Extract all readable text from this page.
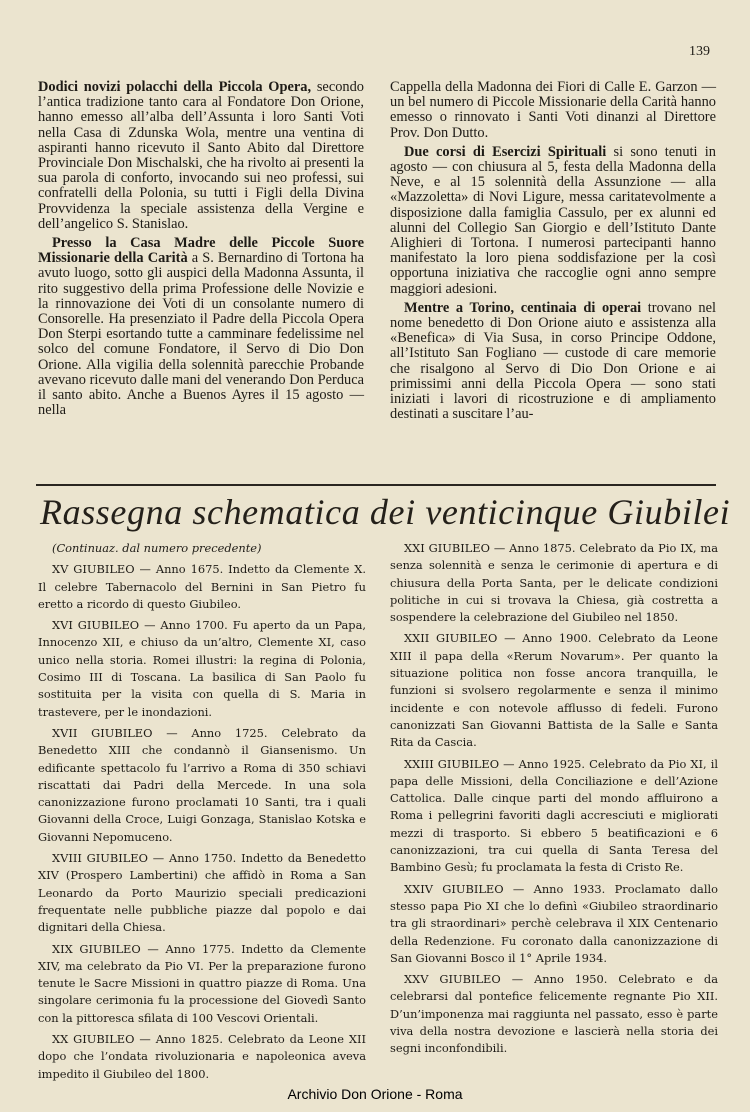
139

Dodici novizi polacchi della Piccola Opera, secondo l’antica tradizione tanto cara al Fondatore Don Orione, hanno emesso all’alba dell’Assunta i loro Santi Voti nella Casa di Zdunska Wola, mentre una ventina di aspiranti hanno ricevuto il Santo Abito dal Direttore Provinciale Don Mischalski, che ha rivolto ai presenti la sua parola di conforto, invocando sui neo professi, sui confratelli della Polonia, su tutti i Figli della Divina Provvidenza la speciale assistenza della Vergine e dell’angelico S. Stanislao.

Presso la Casa Madre delle Piccole Suore Missionarie della Carità a S. Bernardino di Tortona ha avuto luogo, sotto gli auspici della Madonna Assunta, il rito suggestivo della prima Professione delle Novizie e la rinnovazione dei Voti di un consolante numero di Consorelle. Ha presenziato il Padre della Piccola Opera Don Sterpi esortando tutte a camminare fedelissime nel solco del comune Fondatore, il Servo di Dio Don Orione. Alla vigilia della solennità parecchie Probande avevano ricevuto dalle mani del venerando Don Perduca il santo abito. Anche a Buenos Ayres il 15 agosto — nella

Cappella della Madonna dei Fiori di Calle E. Garzon — un bel numero di Piccole Missionarie della Carità hanno emesso o rinnovato i Santi Voti dinanzi al Direttore Prov. Don Dutto.

Due corsi di Esercizi Spirituali si sono tenuti in agosto — con chiusura al 5, festa della Madonna della Neve, e al 15 solennità della Assunzione — alla «Mazzoletta» di Novi Ligure, messa caritatevolmente a disposizione dalla famiglia Cassulo, per ex alunni ed alunni del Collegio San Giorgio e dell’Istituto Dante Alighieri di Tortona. I numerosi partecipanti hanno manifestato la loro piena soddisfazione per la così opportuna iniziativa che raccoglie ogni anno sempre maggiori adesioni.

Mentre a Torino, centinaia di operai trovano nel nome benedetto di Don Orione aiuto e assistenza alla «Benefica» di Via Susa, in corso Principe Oddone, all’Istituto San Fogliano — custode di care memorie che risalgono al Servo di Dio Don Orione e ai primissimi anni della Piccola Opera — sono stati iniziati i lavori di ricostruzione e di ampliamento destinati a suscitare l’au-

Rassegna schematica dei venticinque Giubilei

(Continuaz. dal numero precedente)

XV GIUBILEO — Anno 1675. Indetto da Clemente X. Il celebre Tabernacolo del Bernini in San Pietro fu eretto a ricordo di questo Giubileo.

XVI GIUBILEO — Anno 1700. Fu aperto da un Papa, Innocenzo XII, e chiuso da un’altro, Clemente XI, caso unico nella storia. Romei illustri: la regina di Polonia, Cosimo III di Toscana. La basilica di San Paolo fu sostituita per la visita con quella di S. Maria in trastevere, per le inondazioni.

XVII GIUBILEO — Anno 1725. Celebrato da Benedetto XIII che condannò il Giansenismo. Un edificante spettacolo fu l’arrivo a Roma di 350 schiavi riscattati dai Padri della Mercede. In una sola canonizzazione furono proclamati 10 Santi, tra i quali Giovanni della Croce, Luigi Gonzaga, Stanislao Kotska e Giovanni Nepomuceno.

XVIII GIUBILEO — Anno 1750. Indetto da Benedetto XIV (Prospero Lambertini) che affidò in Roma a San Leonardo da Porto Maurizio speciali predicazioni frequentate nelle pubbliche piazze dal popolo e dai dignitari della Chiesa.

XIX GIUBILEO — Anno 1775. Indetto da Clemente XIV, ma celebrato da Pio VI. Per la preparazione furono tenute le Sacre Missioni in quattro piazze di Roma. Una singolare cerimonia fu la processione del Giovedì Santo con la pittoresca sfilata di 100 Vescovi Orientali.

XX GIUBILEO — Anno 1825. Celebrato da Leone XII dopo che l’ondata rivoluzionaria e napoleonica aveva impedito il Giubileo del 1800.

XXI GIUBILEO — Anno 1875. Celebrato da Pio IX, ma senza solennità e senza le cerimonie di apertura e di chiusura della Porta Santa, per le delicate condizioni politiche in cui si trovava la Chiesa, già costretta a sospendere la celebrazione del Giubileo nel 1850.

XXII GIUBILEO — Anno 1900. Celebrato da Leone XIII il papa della «Rerum Novarum». Per quanto la situazione politica non fosse ancora tranquilla, le funzioni si svolsero regolarmente e senza il minimo incidente e con notevole afflusso di fedeli. Furono canonizzati San Giovanni Battista de la Salle e Santa Rita da Cascia.

XXIII GIUBILEO — Anno 1925. Celebrato da Pio XI, il papa delle Missioni, della Conciliazione e dell’Azione Cattolica. Dalle cinque parti del mondo affluirono a Roma i pellegrini favoriti dagli accresciuti e migliorati mezzi di trasporto. Si ebbero 5 beatificazioni e 6 canonizzazioni, tra cui quella di Santa Teresa del Bambino Gesù; fu proclamata la festa di Cristo Re.

XXIV GIUBILEO — Anno 1933. Proclamato dallo stesso papa Pio XI che lo definì «Giubileo straordinario tra gli straordinari» perchè celebrava il XIX Centenario della Redenzione. Fu coronato dalla canonizzazione di San Giovanni Bosco il 1° Aprile 1934.

XXV GIUBILEO — Anno 1950. Celebrato e da celebrarsi dal pontefice felicemente regnante Pio XII. D’un’imponenza mai raggiunta nel passato, esso è parte viva della nostra devozione e lascierà nella storia dei segni inconfondibili.

Archivio Don Orione - Roma
